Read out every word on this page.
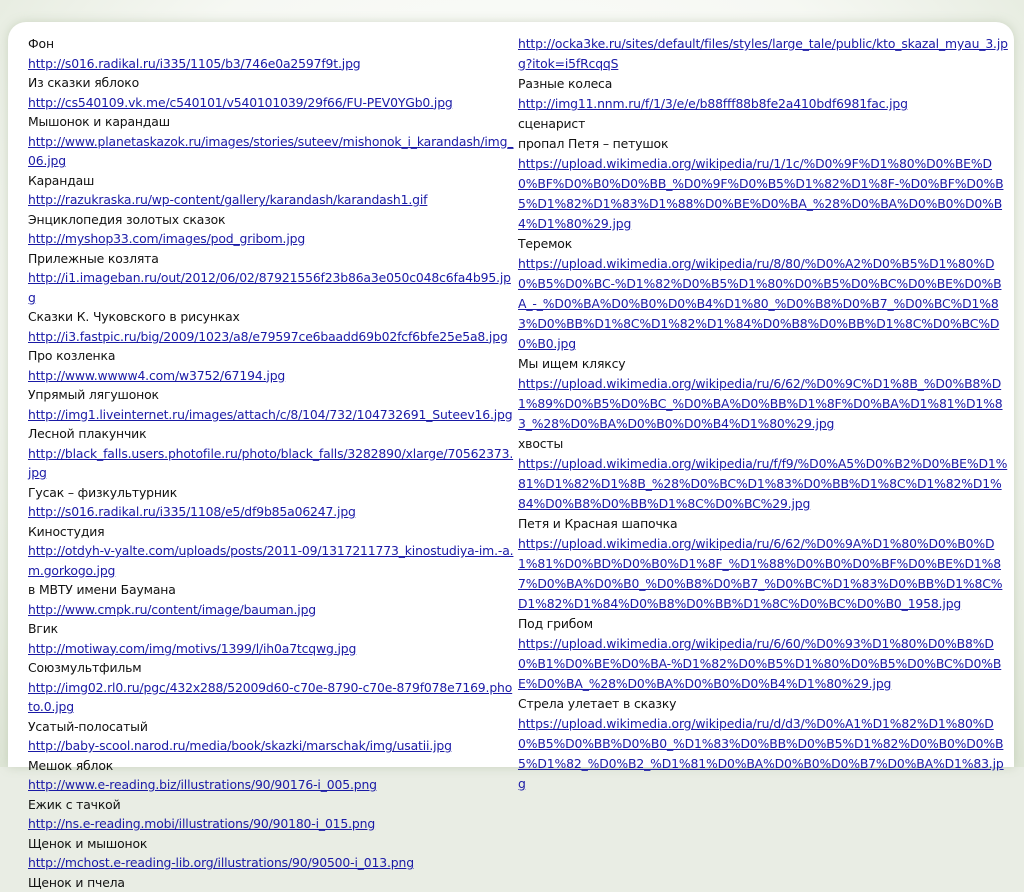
Фон
http://s016.radikal.ru/i335/1105/b3/746e0a2597f9t.jpg
Из сказки яблоко
http://cs540109.vk.me/c540101/v540101039/29f66/FU-PEV0YGb0.jpg
Мышонок и карандаш
http://www.planetaskazok.ru/images/stories/suteev/mishonok_i_karandash/img_06.jpg
Карандаш
http://razukraska.ru/wp-content/gallery/karandash/karandash1.gif
Энциклопедия золотых сказок
http://myshop33.com/images/pod_gribom.jpg
Прилежные козлята
http://i1.imageban.ru/out/2012/06/02/87921556f23b86a3e050c048c6fa4b95.jpg
Сказки К. Чуковского в рисунках
http://i3.fastpic.ru/big/2009/1023/a8/e79597ce6baadd69b02fcf6bfe25e5a8.jpg
Про козленка
http://www.wwww4.com/w3752/67194.jpg
Упрямый лягушонок
http://img1.liveinternet.ru/images/attach/c/8/104/732/104732691_Suteev16.jpg
Лесной плакунчик
http://black_falls.users.photofile.ru/photo/black_falls/3282890/xlarge/70562373.jpg
Гусак – физкультурник
http://s016.radikal.ru/i335/1108/e5/df9b85a06247.jpg
Киностудия
http://otdyh-v-yalte.com/uploads/posts/2011-09/1317211773_kinostudiya-im.-a.m.gorkogo.jpg
в МВТУ имени Баумана
http://www.cmpk.ru/content/image/bauman.jpg
Вгик
http://motiway.com/img/motivs/1399/l/ih0a7tcqwg.jpg
Союзмультфильм
http://img02.rl0.ru/pgc/432x288/52009d60-c70e-8790-c70e-879f078e7169.photo.0.jpg
Усатый-полосатый
http://baby-scool.narod.ru/media/book/skazki/marschak/img/usatii.jpg
Мешок яблок
http://www.e-reading.biz/illustrations/90/90176-i_005.png
Ежик с тачкой
http://ns.e-reading.mobi/illustrations/90/90180-i_015.png
Щенок и мышонок
http://mchost.e-reading-lib.org/illustrations/90/90500-i_013.png
Щенок и пчела
http://ocka3ke.ru/sites/default/files/styles/large_tale/public/kto_skazal_myau_3.jpg?itok=i5fRcqqS
Разные колеса
http://img11.nnm.ru/f/1/3/e/e/b88fff88b8fe2a410bdf6981fac.jpg
сценарист
пропал Петя – петушок
https://upload.wikimedia.org/wikipedia/ru/1/1c/%D0%9F%D1%80%D0%BE%D0%BF%D0%B0%D0%BB_%D0%9F%D0%B5%D1%82%D1%8F-%D0%BF%D0%B5%D1%82%D1%83%D1%88%D0%BE%D0%BA_%28%D0%BA%D0%B0%D0%B4%D1%80%29.jpg
Теремок
https://upload.wikimedia.org/wikipedia/ru/8/80/%D0%A2%D0%B5%D1%80%D0%B5%D0%BC-%D1%82%D0%B5%D1%80%D0%B5%D0%BC%D0%BE%D0%BA_-_%D0%BA%D0%B0%D0%B4%D1%80_%D0%B8%D0%B7_%D0%BC%D1%83%D0%BB%D1%8C%D1%82%D1%84%D0%B8%D0%BB%D1%8C%D0%BC%D0%B0.jpg
Мы ищем кляксу
https://upload.wikimedia.org/wikipedia/ru/6/62/%D0%9C%D1%8B_%D0%B8%D1%89%D0%B5%D0%BC_%D0%BA%D0%BB%D1%8F%D0%BA%D1%81%D1%83_%28%D0%BA%D0%B0%D0%B4%D1%80%29.jpg
хвосты
https://upload.wikimedia.org/wikipedia/ru/f/f9/%D0%A5%D0%B2%D0%BE%D1%81%D1%82%D1%8B_%28%D0%BC%D1%83%D0%BB%D1%8C%D1%82%D1%84%D0%B8%D0%BB%D1%8C%D0%BC%29.jpg
Петя и Красная шапочка
https://upload.wikimedia.org/wikipedia/ru/6/62/%D0%9A%D1%80%D0%B0%D1%81%D0%BD%D0%B0%D1%8F_%D1%88%D0%B0%D0%BF%D0%BE%D1%87%D0%BA%D0%B0_%D0%B8%D0%B7_%D0%BC%D1%83%D0%BB%D1%8C%D1%82%D1%84%D0%B8%D0%BB%D1%8C%D0%BC%D0%B0_1958.jpg
Под грибом
https://upload.wikimedia.org/wikipedia/ru/6/60/%D0%93%D1%80%D0%B8%D0%B1%D0%BE%D0%BA-%D1%82%D0%B5%D1%80%D0%B5%D0%BC%D0%BE%D0%BA_%28%D0%BA%D0%B0%D0%B4%D1%80%29.jpg
Стрела улетает в сказку
https://upload.wikimedia.org/wikipedia/ru/d/d3/%D0%A1%D1%82%D1%80%D0%B5%D0%BB%D0%B0_%D1%83%D0%BB%D0%B5%D1%82%D0%B0%D0%B5%D1%82_%D0%B2_%D1%81%D0%BA%D0%B0%D0%B7%D0%BA%D1%83.jpg
